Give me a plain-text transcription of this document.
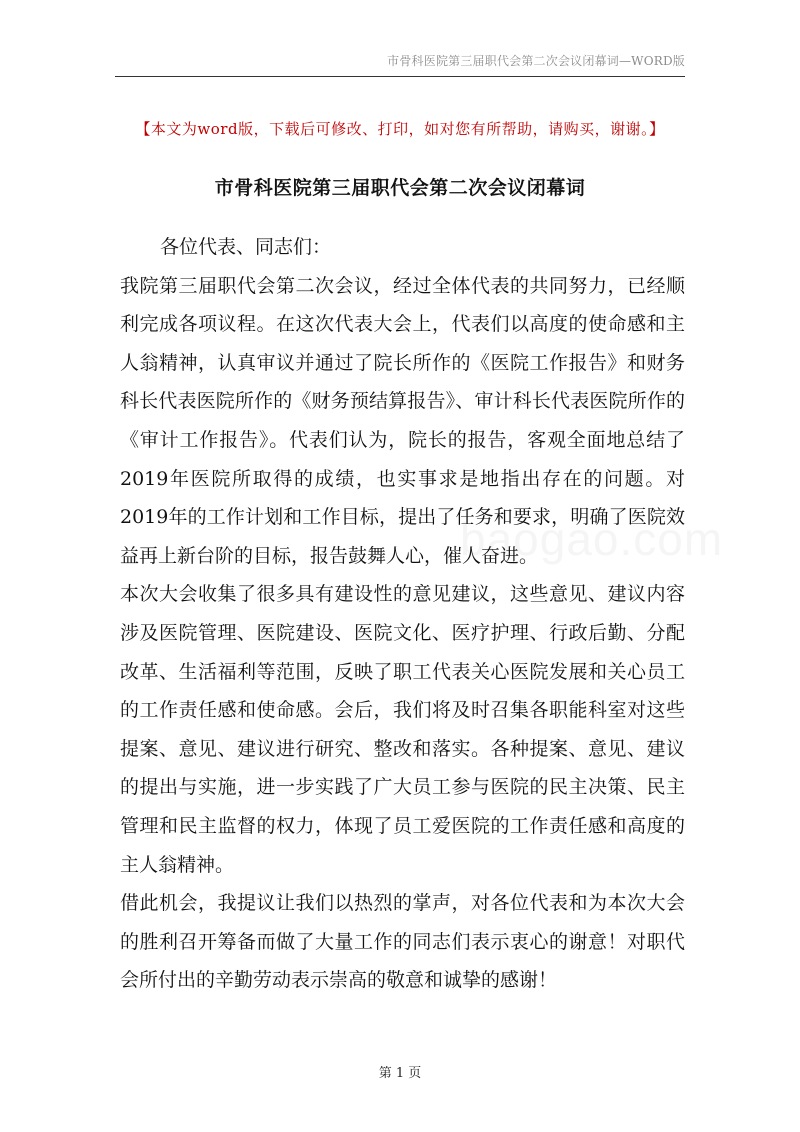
市骨科医院第三届职代会第二次会议闭幕词—WORD版
【本文为word版，下载后可修改、打印，如对您有所帮助，请购买，谢谢。】
市骨科医院第三届职代会第二次会议闭幕词

各位代表、同志们：

我院第三届职代会第二次会议，经过全体代表的共同努力，已经顺利完成各项议程。在这次代表大会上，代表们以高度的使命感和主人翁精神，认真审议并通过了院长所作的《医院工作报告》和财务科长代表医院所作的《财务预结算报告》、审计科长代表医院所作的《审计工作报告》。代表们认为，院长的报告，客观全面地总结了2019年医院所取得的成绩，也实事求是地指出存在的问题。对2019年的工作计划和工作目标，提出了任务和要求，明确了医院效益再上新台阶的目标，报告鼓舞人心，催人奋进。

本次大会收集了很多具有建设性的意见建议，这些意见、建议内容涉及医院管理、医院建设、医院文化、医疗护理、行政后勤、分配改革、生活福利等范围，反映了职工代表关心医院发展和关心员工的工作责任感和使命感。会后，我们将及时召集各职能科室对这些提案、意见、建议进行研究、整改和落实。各种提案、意见、建议的提出与实施，进一步实践了广大员工参与医院的民主决策、民主管理和民主监督的权力，体现了员工爱医院的工作责任感和高度的主人翁精神。

借此机会，我提议让我们以热烈的掌声，对各位代表和为本次大会的胜利召开筹备而做了大量工作的同志们表示衷心的谢意！对职代会所付出的辛勤劳动表示崇高的敬意和诚挚的感谢！

baogao.com
第 1 页
